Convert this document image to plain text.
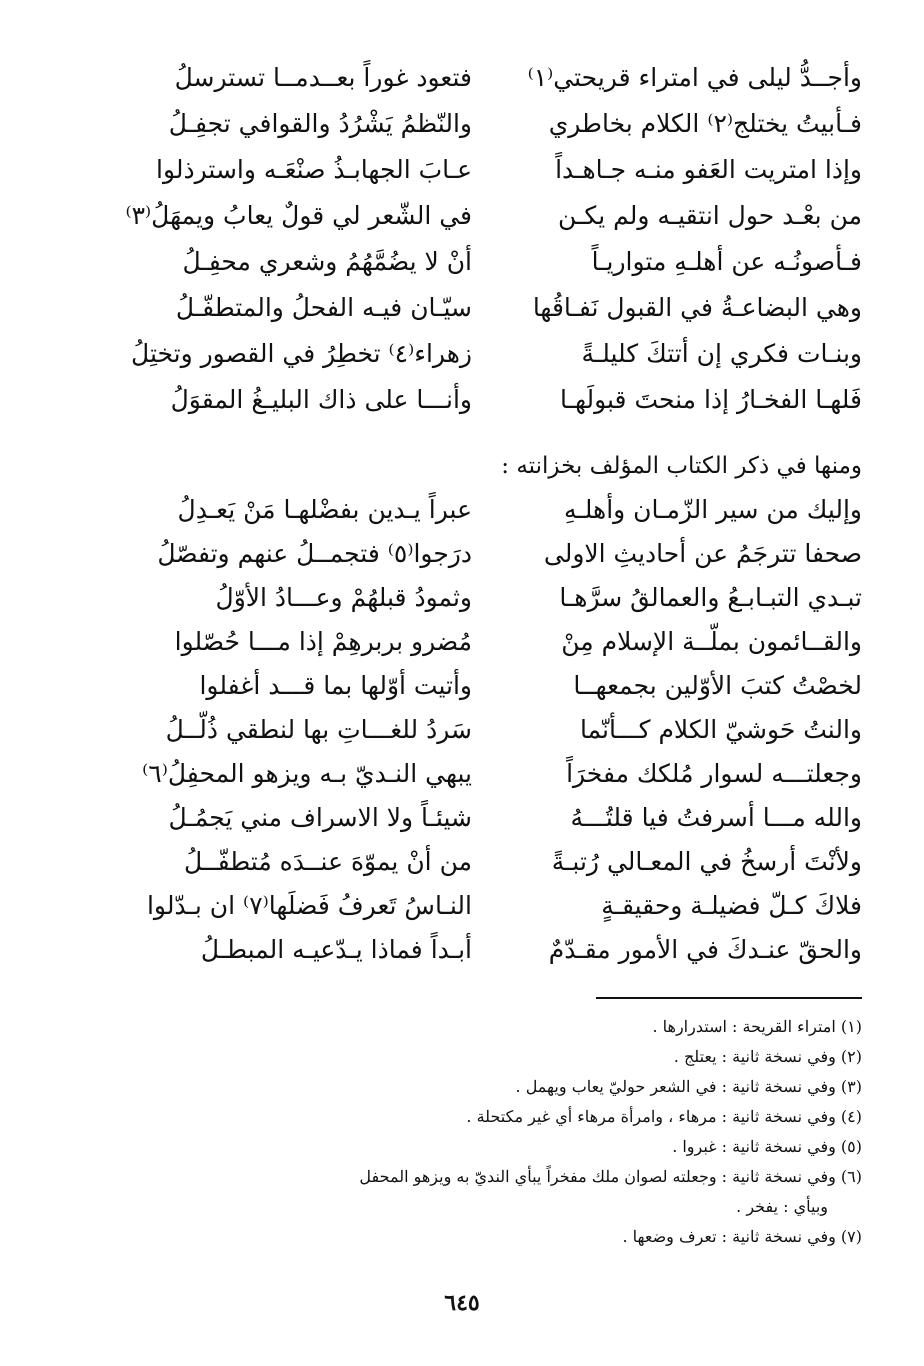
وأجــدُّ ليلى في امتراء قريحتي⁽١⁾

فـأبيتُ يختلج⁽٢⁾ الكلام بخاطري

وإذا امتريت العَفو منـه جـاهـداً

من بعْـد حول انتقيـه ولم يكـن

فـأصونُـه عن أهلـهِ متواريـاً

وهي البضاعـةُ في القبول نَفـاقُها

وبنـات فكري إن أتتكَ كليلـةً

فَلهـا الفخـارُ إذا منحتَ قبولَهـا

ومنها في ذكر الكتاب المؤلف بخزانته :

وإليك من سير الزّمـان وأهلـهِ

صحفا تترجَمُ عن أحاديثِ الاولى

تبـدي التبـابـعُ والعمالقُ سرَّهـا

والقــائمون بملّــة الإسلام مِنْ

لخصْتُ كتبَ الأوّلين بجمعهــا

والنتُ حَوشيّ الكلام كـــأنّما

وجعلتـــه لسوار مُلكك مفخرَاً

والله مـــا أسرفتُ فيا قلتُـــهُ

ولأنْتَ أرسخُ في المعـالي رُتبـةً

فلاكَ كـلّ فضيلـة وحقيقـةٍ

والحقّ عنـدكَ في الأمور مقـدّمٌ

فتعود غوراً بعــدمــا تسترسلُ

والنّظمُ يَشْرُدُ والقوافي تجفِـلُ

عـابَ الجهابـذُ صنْعَـه واسترذلوا

في الشّعر لي قولٌ يعابُ ويمهَلُ⁽٣⁾

أنْ لا يضُمَّهُمُ وشعري محفِـلُ

سيّـان فيـه الفحلُ والمتطفّـلُ

زهراء⁽٤⁾ تخطِرُ في القصور وتختِلُ

وأنـــا على ذاك البليـغُ المقوَلُ

عبراً يـدين بفضْلهـا مَنْ يَعـدِلُ

درَجوا⁽٥⁾ فتجمــلُ عنهم وتفصّلُ

وثمودُ قبلهُمْ وعـــادُ الأوّلُ

مُضرو بربرهِمْ إذا مـــا حُصّلوا

وأتيت أوّلها بما قـــد أغفلوا

سَردُ للغـــاتِ بها لنطقي ذُلّــلُ

يبهي النـديّ بـه ويزهو المحفِلُ⁽٦⁾

شيئـاً ولا الاسراف مني يَجمُـلُ

من أنْ يموّهَ عنــدَه مُتطفّــلُ

النـاسُ تَعرفُ فَضلَها⁽٧⁾ ان بـدّلوا

أبـداً فماذا يـدّعيـه المبطـلُ

(١) امتراء القريحة : استدرارها .

(٢) وفي نسخة ثانية : يعتلج .

(٣) وفي نسخة ثانية : في الشعر حوليّ يعاب ويهمل .

(٤) وفي نسخة ثانية : مرهاء ، وامرأة مرهاء أي غير مكتحلة .

(٥) وفي نسخة ثانية : غبروا .

(٦) وفي نسخة ثانية : وجعلته لصوان ملك مفخراً يبأي النديّ به ويزهو المحفل

وبيأي : يفخر .

(٧) وفي نسخة ثانية : تعرف وضعها .

٦٤٥
